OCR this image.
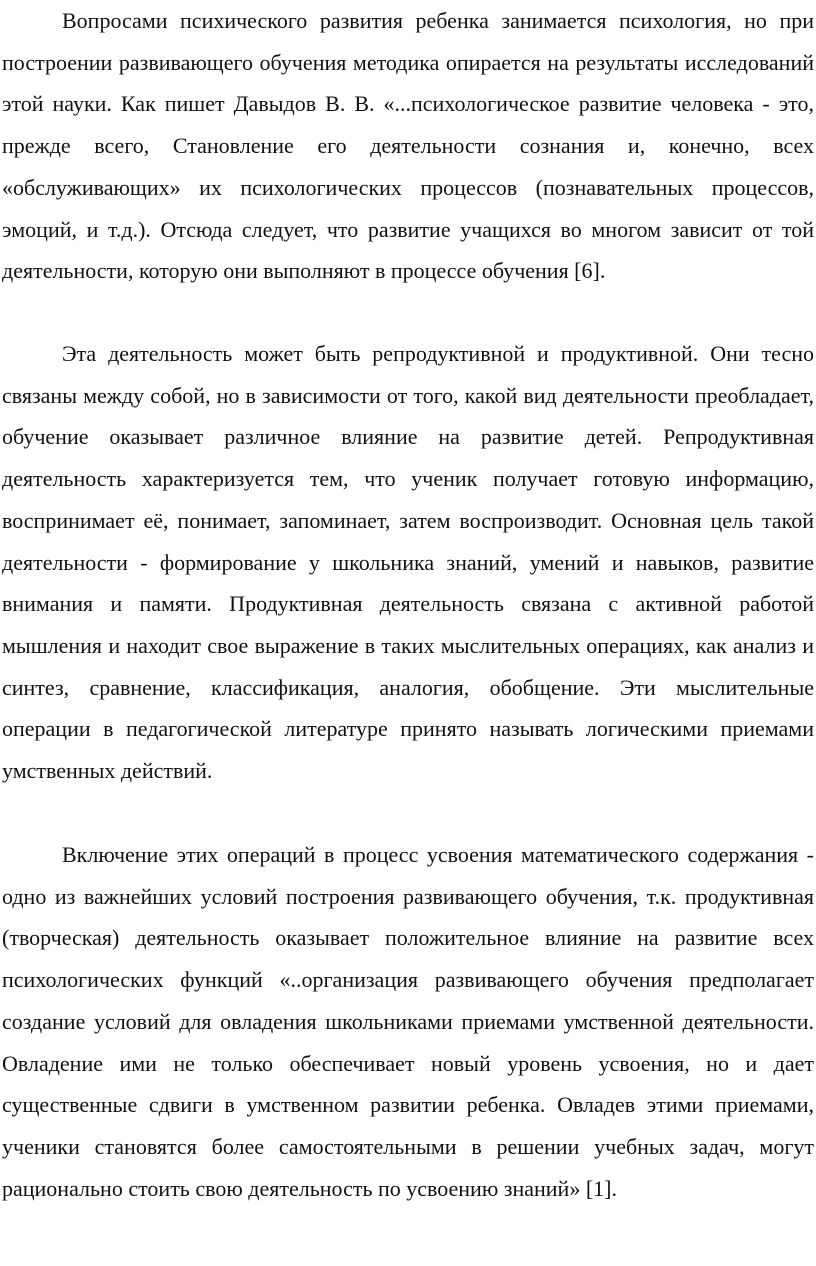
Вопросами психического развития ребенка занимается психология, но при построении развивающего обучения методика опирается на результаты исследований этой науки. Как пишет Давыдов В. В. «...психологическое развитие человека - это, прежде всего, Становление его деятельности сознания и, конечно, всех «обслуживающих» их психологических процессов (познавательных процессов, эмоций, и т.д.). Отсюда следует, что развитие учащихся во многом зависит от той деятельности, которую они выполняют в процессе обучения [6].

Эта деятельность может быть репродуктивной и продуктивной. Они тесно связаны между собой, но в зависимости от того, какой вид деятельности преобладает, обучение оказывает различное влияние на развитие детей. Репродуктивная деятельность характеризуется тем, что ученик получает готовую информацию, воспринимает её, понимает, запоминает, затем воспроизводит. Основная цель такой деятельности - формирование у школьника знаний, умений и навыков, развитие внимания и памяти. Продуктивная деятельность связана с активной работой мышления и находит свое выражение в таких мыслительных операциях, как анализ и синтез, сравнение, классификация, аналогия, обобщение. Эти мыслительные операции в педагогической литературе принято называть логическими приемами умственных действий.

Включение этих операций в процесс усвоения математического содержания - одно из важнейших условий построения развивающего обучения, т.к. продуктивная (творческая) деятельность оказывает положительное влияние на развитие всех психологических функций «..организация развивающего обучения предполагает создание условий для овладения школьниками приемами умственной деятельности. Овладение ими не только обеспечивает новый уровень усвоения, но и дает существенные сдвиги в умственном развитии ребенка. Овладев этими приемами, ученики становятся более самостоятельными в решении учебных задач, могут рационально стоить свою деятельность по усвоению знаний» [1].
